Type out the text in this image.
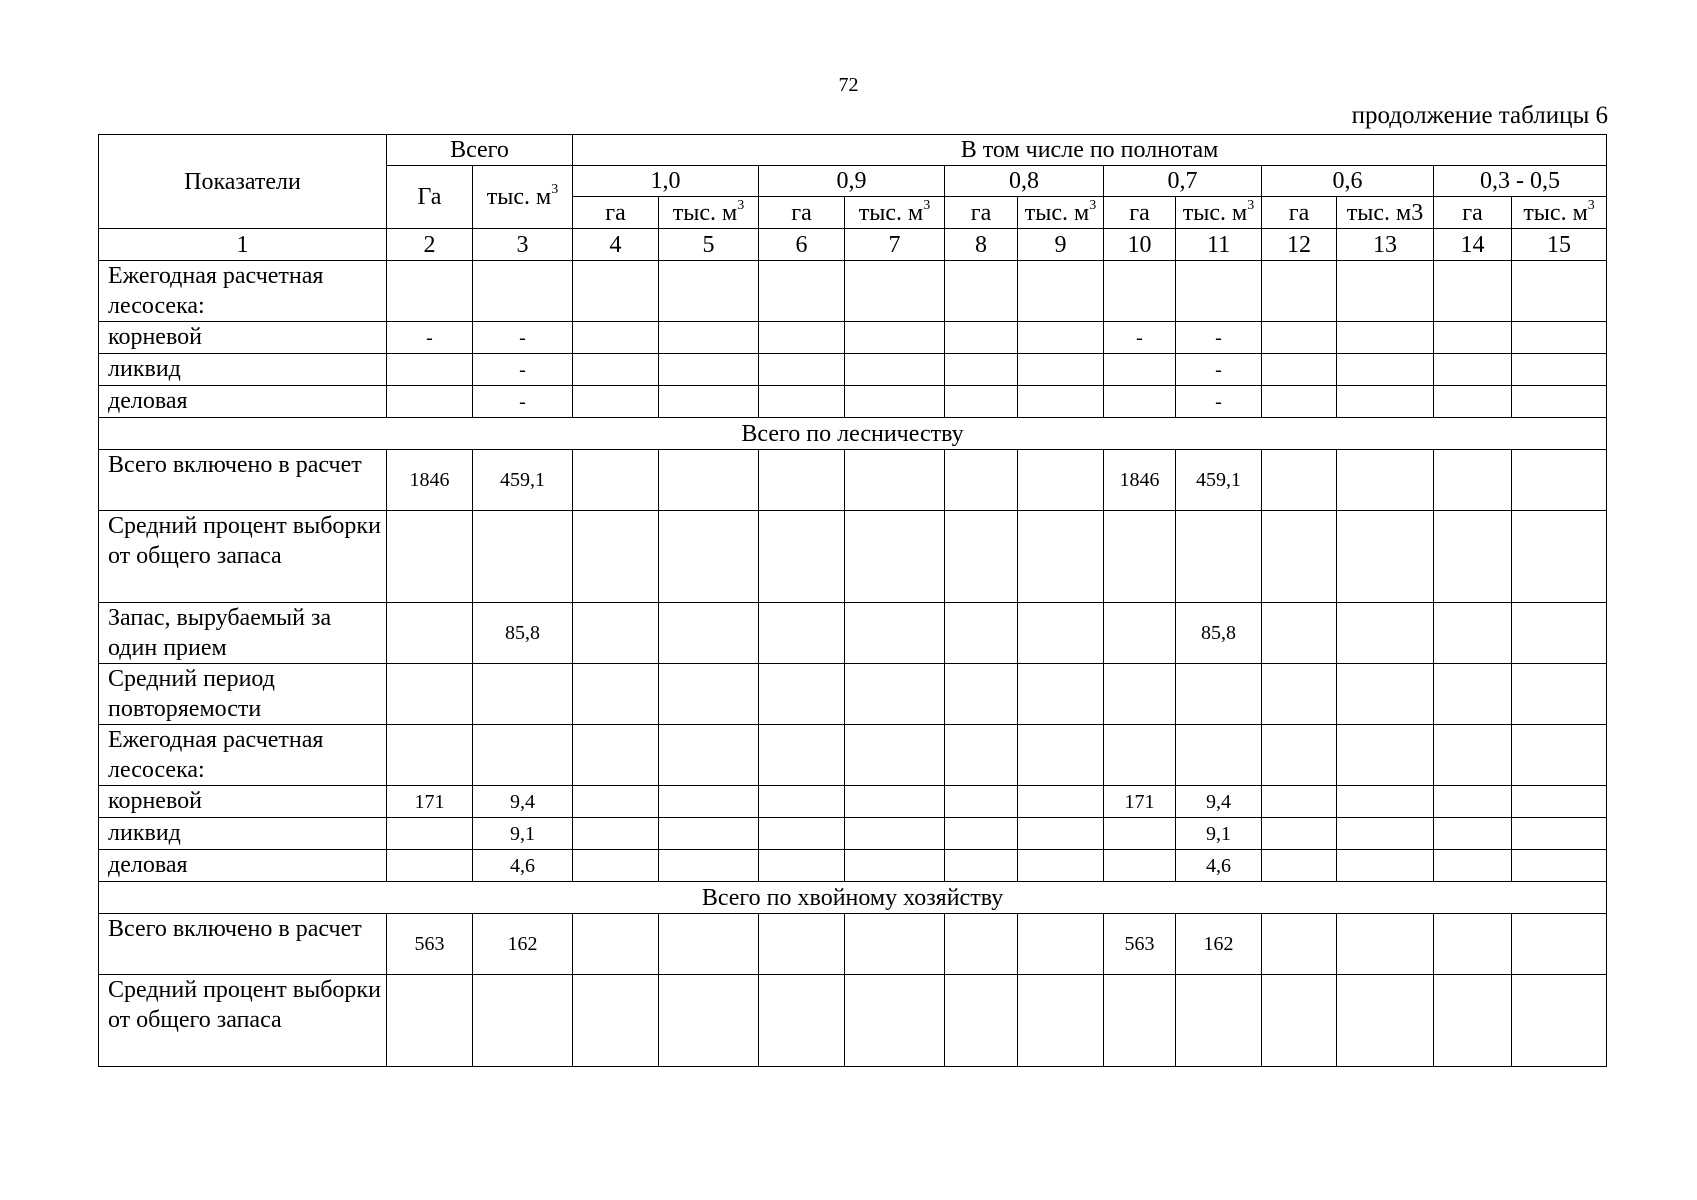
72
продолжение таблицы 6
Показатели	Всего		В том числе по полнотам											
	Га	тыс. $м^3$	1,0		0,9		0,8		0,7		0,6		0,3 - 0,5	
			га	тыс. $м^3$	га	тыс. $м^3$	га	тыс. $м^3$	га	тыс. $м^3$	га	тыс. м3	га	тыс. $м^3$
1	2	3	4	5	6	7	8	9	10	11	12	13	14	15
Ежегодная расчетная лесосека:														
корневой	-	-							-	-				
ликвид		-								-				
деловая		-								-				
Всего по лесничеству														
Всего включено в расчет	1846	459,1							1846	459,1				
Средний процент выборки от общего запаса														
Запас, вырубаемый за один прием		85,8								85,8				
Средний период повторяемости														
Ежегодная расчетная лесосека:														
корневой	171	9,4							171	9,4				
ликвид		9,1								9,1				
деловая		4,6								4,6				
Всего по хвойному хозяйству														
Всего включено в расчет	563	162							563	162				
Средний процент выборки от общего запаса														
